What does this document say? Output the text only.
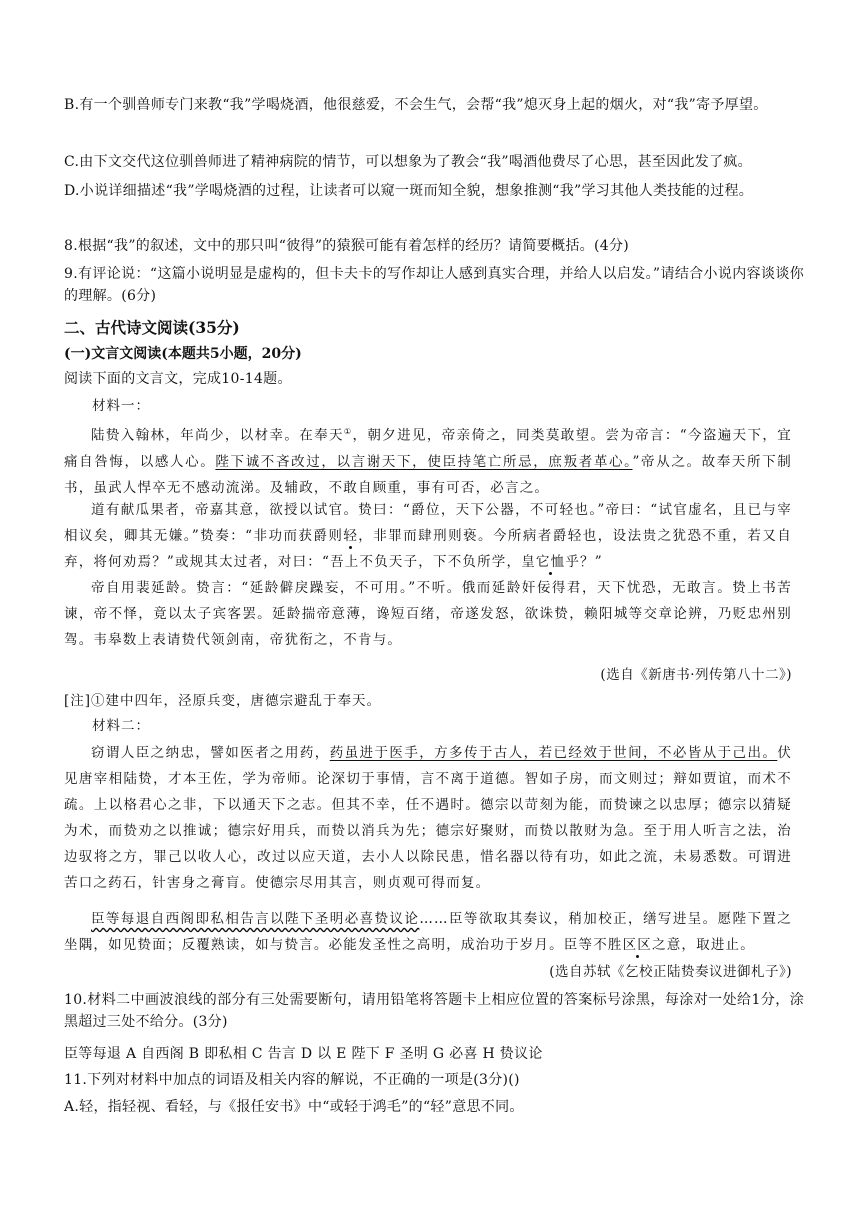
B.有一个驯兽师专门来教“我”学喝烧酒，他很慈爱，不会生气，会帮“我”熄灭身上起的烟火，对“我”寄予厚望。

C.由下文交代这位驯兽师进了精神病院的情节，可以想象为了教会“我”喝酒他费尽了心思，甚至因此发了疯。

D.小说详细描述“我”学喝烧酒的过程，让读者可以窥一斑而知全貌，想象推测“我”学习其他人类技能的过程。

8.根据“我”的叙述，文中的那只叫“彼得”的猿猴可能有着怎样的经历？请简要概括。(4分)

9.有评论说：“这篇小说明显是虚构的，但卡夫卡的写作却让人感到真实合理，并给人以启发。”请结合小说内容谈谈你的理解。(6分)

二、古代诗文阅读(35分)
(一)文言文阅读(本题共5小题，20分)

阅读下面的文言文，完成10-14题。

材料一：

陆贽入翰林，年尚少，以材幸。在奉天①，朝夕进见，帝亲倚之，同类莫敢望。尝为帝言：“今盗遍天下，宜痛自咎悔，以感人心。陛下诚不吝改过，以言谢天下，使臣持笔亡所忌，庶叛者革心。”帝从之。故奉天所下制书，虽武人悍卒无不感动流涕。及辅政，不敢自顾重，事有可否，必言之。

道有献瓜果者，帝嘉其意，欲授以试官。贽曰：“爵位，天下公器，不可轻也。”帝曰：“试官虚名，且已与宰相议矣，卿其无嫌。”贽奏：“非功而获爵则轻，非罪而肆刑则亵。今所病者爵轻也，设法贵之犹恐不重，若又自弃，将何劝焉？”或规其太过者，对曰：“吾上不负天子，下不负所学，皇它恤乎？”

帝自用裴延龄。贽言：“延龄僻戾躁妄，不可用。”不听。俄而延龄奸佞得君，天下忧恐，无敢言。贽上书苦谏，帝不怿，竟以太子宾客罢。延龄揣帝意薄，谗短百绪，帝遂发怒，欲诛贽，赖阳城等交章论辨，乃贬忠州别驾。韦皋数上表请贽代领剑南，帝犹衔之，不肯与。

(选自《新唐书·列传第八十二》)

[注]①建中四年，泾原兵变，唐德宗避乱于奉天。

材料二：

窃谓人臣之纳忠，譬如医者之用药，药虽进于医手，方多传于古人，若已经效于世间，不必皆从于己出。伏见唐宰相陆贽，才本王佐，学为帝师。论深切于事情，言不离于道德。智如子房，而文则过；辩如贾谊，而术不疏。上以格君心之非，下以通天下之志。但其不幸，任不遇时。德宗以苛刻为能，而贽谏之以忠厚；德宗以猜疑为术，而贽劝之以推诚；德宗好用兵，而贽以消兵为先；德宗好聚财，而贽以散财为急。至于用人听言之法，治边驭将之方，罪己以收人心，改过以应天道，去小人以除民患，惜名器以待有功，如此之流，未易悉数。可谓进苦口之药石，针害身之膏肓。使德宗尽用其言，则贞观可得而复。

臣等每退自西阁即私相告言以陛下圣明必喜贽议论……臣等欲取其奏议，稍加校正，缮写进呈。愿陛下置之坐隅，如见贽面；反覆熟读，如与贽言。必能发圣性之高明，成治功于岁月。臣等不胜区区之意，取进止。

(选自苏轼《乞校正陆贽奏议进御札子》)

10.材料二中画波浪线的部分有三处需要断句，请用铅笔将答题卡上相应位置的答案标号涂黑，每涂对一处给1分，涂黑超过三处不给分。(3分)

臣等每退 A 自西阁 B 即私相 C 告言 D 以 E 陛下 F 圣明 G 必喜 H 贽议论

11.下列对材料中加点的词语及相关内容的解说，不正确的一项是(3分)()

A.轻，指轻视、看轻，与《报任安书》中“或轻于鸿毛”的“轻”意思不同。
